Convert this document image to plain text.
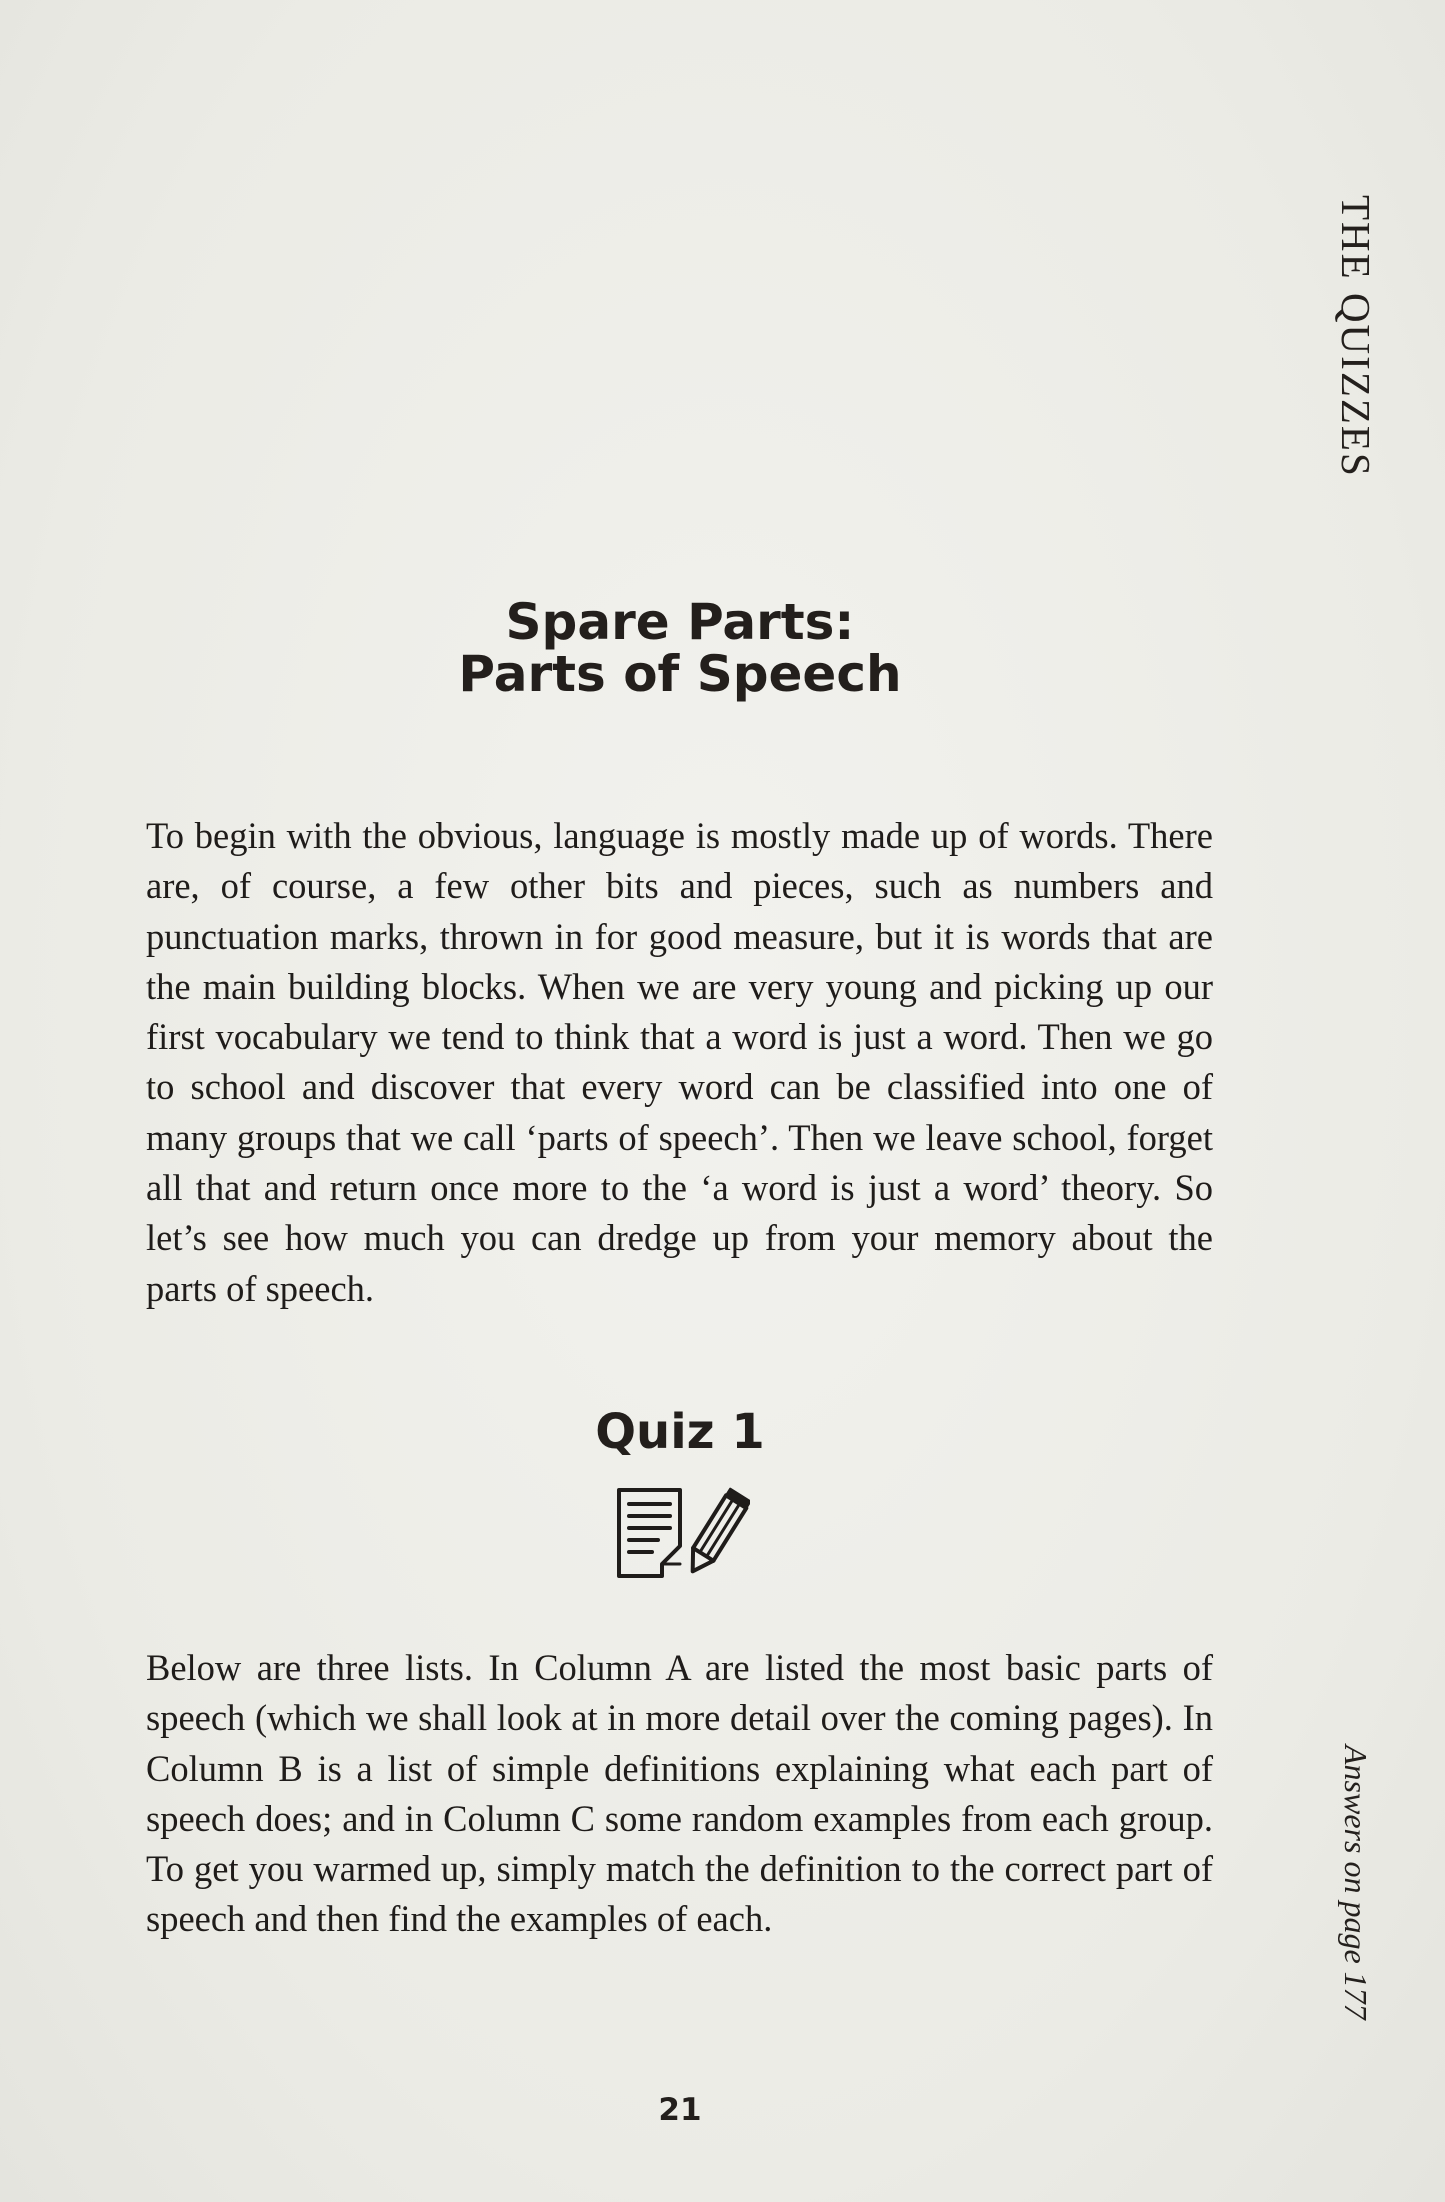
THE QUIZZES
Spare Parts:
Parts of Speech

To begin with the obvious, language is mostly made up of words. There are, of course, a few other bits and pieces, such as numbers and punctuation marks, thrown in for good measure, but it is words that are the main building blocks. When we are very young and picking up our first vocabulary we tend to think that a word is just a word. Then we go to school and discover that every word can be classified into one of many groups that we call ‘parts of speech’. Then we leave school, forget all that and return once more to the ‘a word is just a word’ theory. So let’s see how much you can dredge up from your memory about the parts of speech.

Quiz 1

Below are three lists. In Column A are listed the most basic parts of speech (which we shall look at in more detail over the coming pages). In Column B is a list of simple definitions explaining what each part of speech does; and in Column C some random examples from each group. To get you warmed up, simply match the definition to the correct part of speech and then find the examples of each.	Answers on page 177

21
